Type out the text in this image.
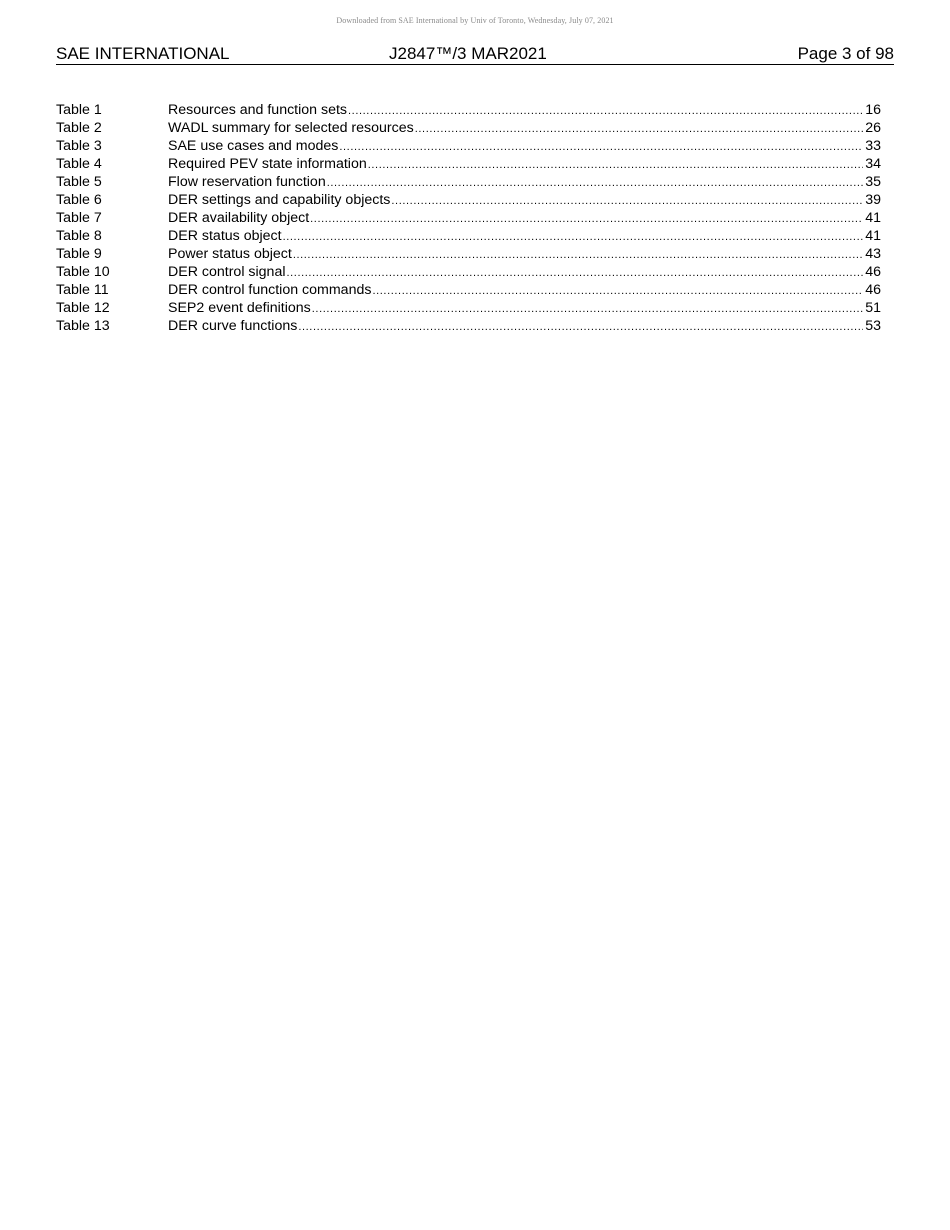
Downloaded from SAE International by Univ of Toronto, Wednesday, July 07, 2021
SAE INTERNATIONAL	J2847™/3 MAR2021	Page 3 of 98
Table 1	Resources and function sets .....	16
Table 2	WADL summary for selected resources .....	26
Table 3	SAE use cases and modes .....	33
Table 4	Required PEV state information .....	34
Table 5	Flow reservation function .....	35
Table 6	DER settings and capability objects .....	39
Table 7	DER availability object .....	41
Table 8	DER status object .....	41
Table 9	Power status object .....	43
Table 10	DER control signal .....	46
Table 11	DER control function commands .....	46
Table 12	SEP2 event definitions .....	51
Table 13	DER curve functions .....	53
